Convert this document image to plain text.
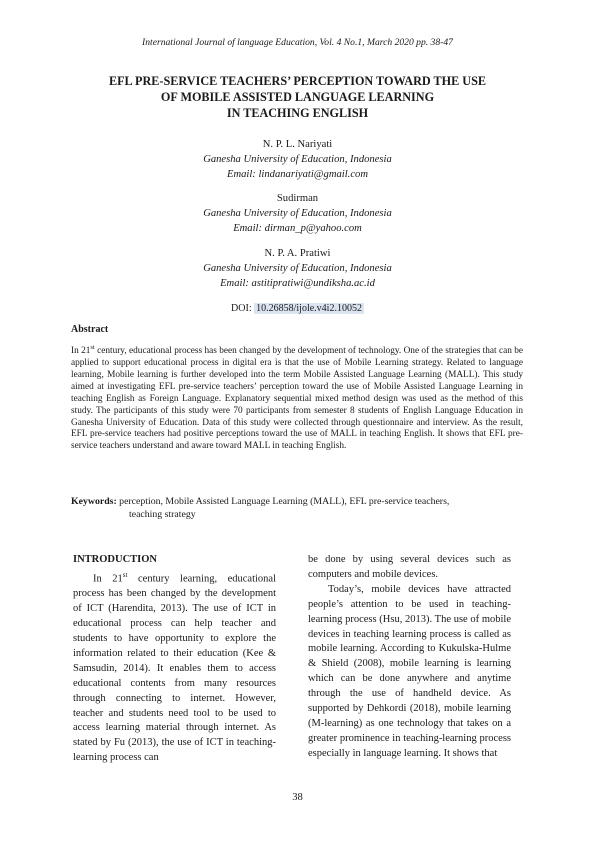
International Journal of language Education, Vol. 4 No.1, March 2020 pp. 38-47
EFL PRE-SERVICE TEACHERS’ PERCEPTION TOWARD THE USE
OF MOBILE ASSISTED LANGUAGE LEARNING
IN TEACHING ENGLISH
N. P. L. Nariyati
Ganesha University of Education, Indonesia
Email: lindanariyati@gmail.com
Sudirman
Ganesha University of Education, Indonesia
Email: dirman_p@yahoo.com
N. P. A. Pratiwi
Ganesha University of Education, Indonesia
Email: astitipratiwi@undiksha.ac.id
DOI: 10.26858/ijole.v4i2.10052
Abstract

In 21st century, educational process has been changed by the development of technology. One of the strategies that can be applied to support educational process in digital era is that the use of Mobile Learning strategy. Related to language learning, Mobile learning is further developed into the term Mobile Assisted Language Learning (MALL). This study aimed at investigating EFL pre-service teachers’ perception toward the use of Mobile Assisted Language Learning in teaching English as Foreign Language. Explanatory sequential mixed method design was used as the method of this study. The participants of this study were 70 participants from semester 8 students of English Language Education in Ganesha University of Education. Data of this study were collected through questionnaire and interview. As the result, EFL pre-service teachers had positive perceptions toward the use of MALL in teaching English. It shows that EFL pre-service teachers understand and aware toward MALL in teaching English.

Keywords: perception, Mobile Assisted Language Learning (MALL), EFL pre-service teachers,
teaching strategy
INTRODUCTION

In 21st century learning, educational process has been changed by the development of ICT (Harendita, 2013). The use of ICT in educational process can help teacher and students to have opportunity to explore the information related to their education (Kee & Samsudin, 2014). It enables them to access educational contents from many resources through connecting to internet. However, teacher and students need tool to be used to access learning material through internet. As stated by Fu (2013), the use of ICT in teaching-learning process can

be done by using several devices such as computers and mobile devices.

Today’s, mobile devices have attracted people’s attention to be used in teaching-learning process (Hsu, 2013). The use of mobile devices in teaching learning process is called as mobile learning. According to Kukulska-Hulme & Shield (2008), mobile learning is learning which can be done anywhere and anytime through the use of handheld device. As supported by Dehkordi (2018), mobile learning (M-learning) as one technology that takes on a greater prominence in teaching-learning process especially in language learning. It shows that

38
